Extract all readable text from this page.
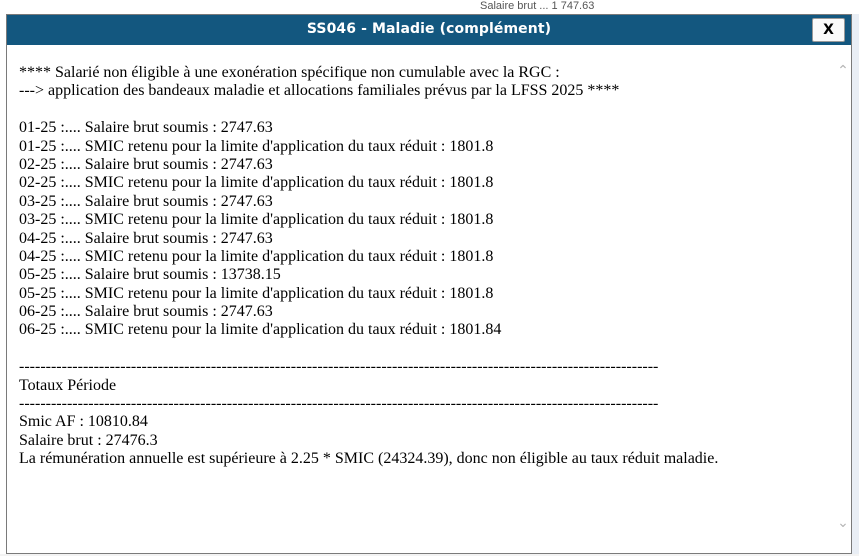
Salaire brut ... 1 747.63
SS046 - Maladie (complément)	X
**** Salarié non éligible à une exonération spécifique non cumulable avec la RGC :
---> application des bandeaux maladie et allocations familiales prévus par la LFSS 2025 ****
01-25 :.... Salaire brut soumis : 2747.63
01-25 :.... SMIC retenu pour la limite d'application du taux réduit : 1801.8
02-25 :.... Salaire brut soumis : 2747.63
02-25 :.... SMIC retenu pour la limite d'application du taux réduit : 1801.8
03-25 :.... Salaire brut soumis : 2747.63
03-25 :.... SMIC retenu pour la limite d'application du taux réduit : 1801.8
04-25 :.... Salaire brut soumis : 2747.63
04-25 :.... SMIC retenu pour la limite d'application du taux réduit : 1801.8
05-25 :.... Salaire brut soumis : 13738.15
05-25 :.... SMIC retenu pour la limite d'application du taux réduit : 1801.8
06-25 :.... Salaire brut soumis : 2747.63
06-25 :.... SMIC retenu pour la limite d'application du taux réduit : 1801.84
------------------------------------------------------------------------------------------------------------------------
Totaux Période
------------------------------------------------------------------------------------------------------------------------
Smic AF : 10810.84
Salaire brut : 27476.3
La rémunération annuelle est supérieure à 2.25 * SMIC (24324.39), donc non éligible au taux réduit maladie.
⌃
⌄
